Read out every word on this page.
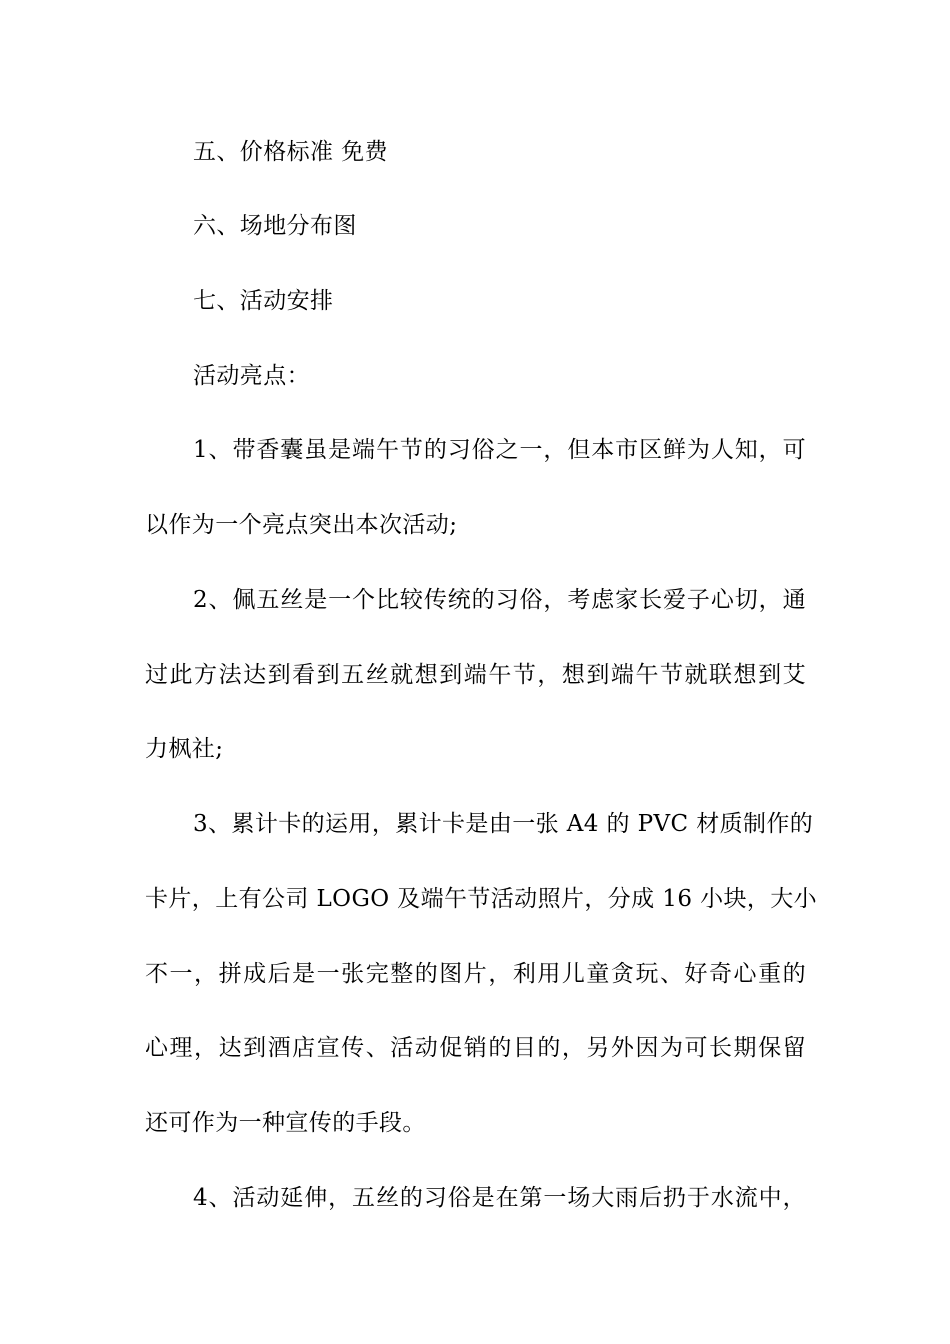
五、价格标准 免费
六、场地分布图
七、活动安排
活动亮点：
1、带香囊虽是端午节的习俗之一，但本市区鲜为人知，可
以作为一个亮点突出本次活动;
2、佩五丝是一个比较传统的习俗，考虑家长爱子心切，通
过此方法达到看到五丝就想到端午节，想到端午节就联想到艾
力枫社;
3、累计卡的运用，累计卡是由一张 A4 的 PVC 材质制作的
卡片，上有公司 LOGO 及端午节活动照片，分成 16 小块，大小
不一，拼成后是一张完整的图片，利用儿童贪玩、好奇心重的
心理，达到酒店宣传、活动促销的目的，另外因为可长期保留
还可作为一种宣传的手段。
4、活动延伸，五丝的习俗是在第一场大雨后扔于水流中，
